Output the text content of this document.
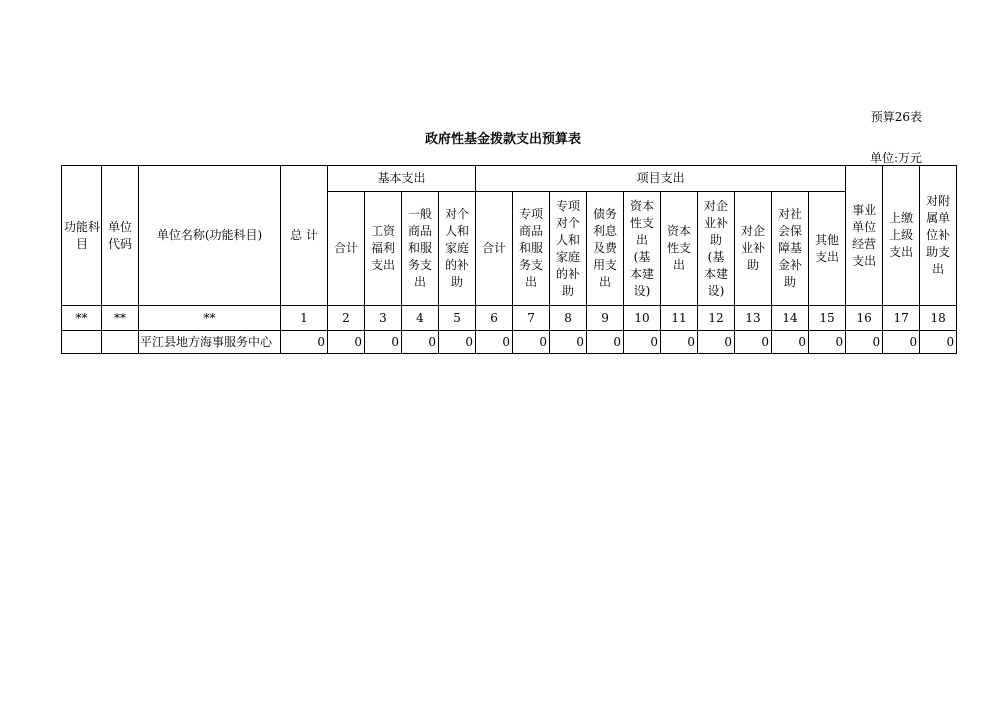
预算26表
政府性基金拨款支出预算表
单位:万元
功能科目	单位代码	单位名称(功能科目)	总 计	基本支出				项目支出										事业单位经营支出	上缴上级支出	对附属单位补助支出
				合计	工资福利支出	一般商品和服务支出	对个人和家庭的补助	合计	专项商品和服务支出	专项对个人和家庭的补助	债务利息及费用支出	资本性支出(基本建设)	资本性支出	对企业补助(基本建设)	对企业补助	对社会保障基金补助	其他支出			
**	**	**	1	2	3	4	5	6	7	8	9	10	11	12	13	14	15	16	17	18
		平江县地方海事服务中心	0	0	0	0	0	0	0	0	0	0	0	0	0	0	0	0	0	0
